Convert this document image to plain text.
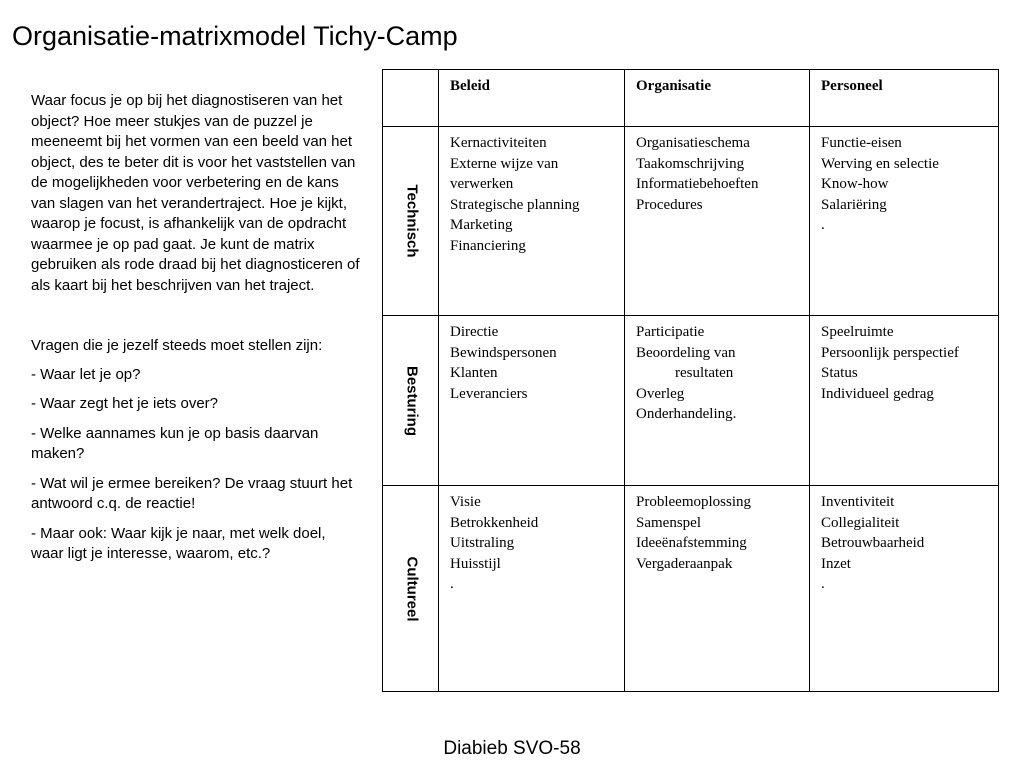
Organisatie-matrixmodel Tichy-Camp

Waar focus je op bij het diagnostiseren van het object? Hoe meer stukjes van de puzzel je meeneemt bij het vormen van een beeld van het object, des te beter dit is voor het vaststellen van de mogelijkheden voor verbetering en de kans van slagen van het verandertraject. Hoe je kijkt, waarop je focust, is afhankelijk van de opdracht waarmee je op pad gaat. Je kunt de matrix gebruiken als rode draad bij het diagnosticeren of als kaart bij het beschrijven van het traject.

Vragen die je jezelf steeds moet stellen zijn:

- Waar let je op?
- Waar zegt het je iets over?
- Welke aannames kun je op basis daarvan maken?
- Wat wil je ermee bereiken? De vraag stuurt het antwoord c.q. de reactie!
- Maar ook: Waar kijk je naar, met welk doel, waar ligt je interesse, waarom, etc.?
	Beleid	Organisatie	Personeel

Technisch	Kernactiviteiten
Externe wijze van verwerken
Strategische planning
Marketing
Financiering	Organisatieschema
Taakomschrijving
Informatiebehoeften
Procedures	Functie-eisen
Werving en selectie
Know-how
Salariëring
.

Besturing	Directie
Bewindspersonen
Klanten
Leveranciers	Participatie
Beoordeling van
resultaten
Overleg
Onderhandeling.	Speelruimte
Persoonlijk perspectief
Status
Individueel gedrag

Cultureel	Visie
Betrokkenheid
Uitstraling
Huisstijl
.	Probleemoplossing
Samenspel
Ideeënafstemming
Vergaderaanpak	Inventiviteit
Collegialiteit
Betrouwbaarheid
Inzet
.
Diabieb SVO-58
